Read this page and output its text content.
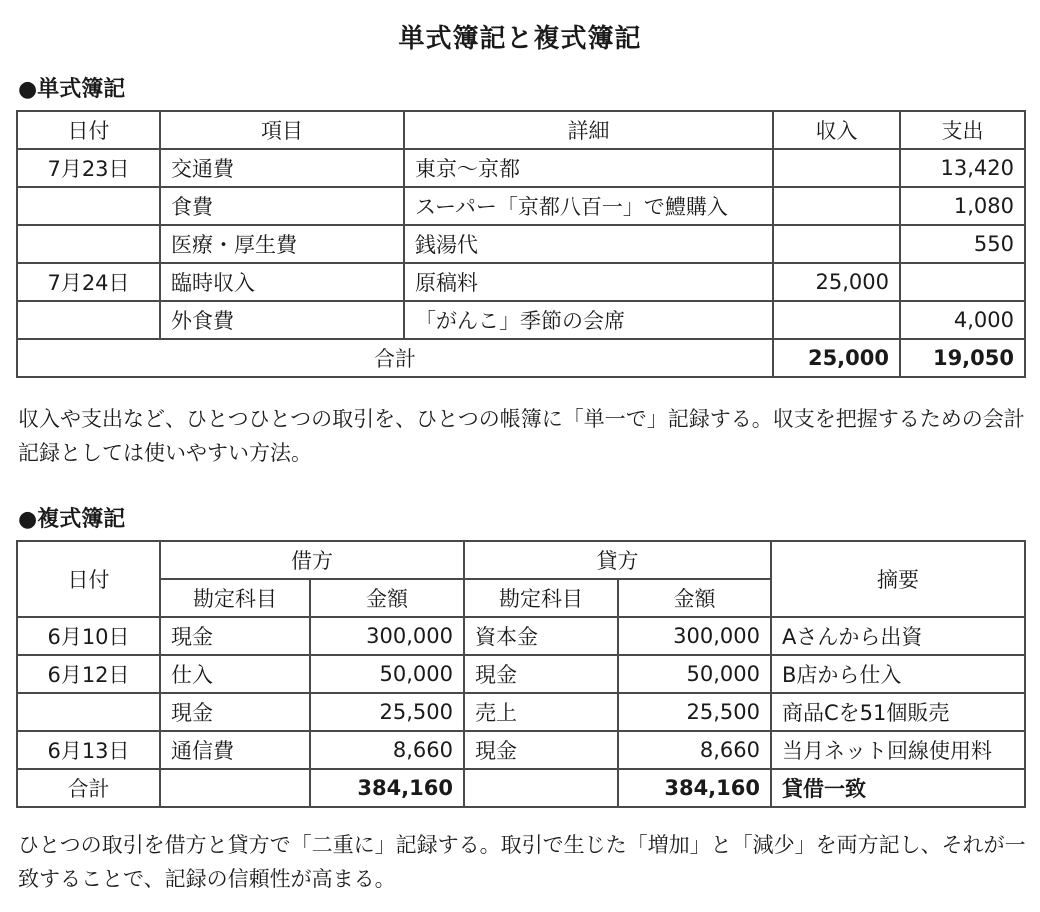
単式簿記と複式簿記
●単式簿記
日付	項目	詳細	収入	支出
7月23日	交通費	東京～京都		13,420
	食費	スーパー「京都八百一」で鱧購入		1,080
	医療・厚生費	銭湯代		550
7月24日	臨時収入	原稿料	25,000	
	外食費	「がんこ」季節の会席		4,000
合計			25,000	19,050
収入や支出など、ひとつひとつの取引を、ひとつの帳簿に「単一で」記録する。収支を把握するための会計記録としては使いやすい方法。
●複式簿記
日付	借方		貸方		摘要
	勘定科目	金額	勘定科目	金額	
6月10日	現金	300,000	資本金	300,000	Aさんから出資
6月12日	仕入	50,000	現金	50,000	B店から仕入
	現金	25,500	売上	25,500	商品Cを51個販売
6月13日	通信費	8,660	現金	8,660	当月ネット回線使用料
合計		384,160		384,160	貸借一致
ひとつの取引を借方と貸方で「二重に」記録する。取引で生じた「増加」と「減少」を両方記し、それが一致することで、記録の信頼性が高まる。
